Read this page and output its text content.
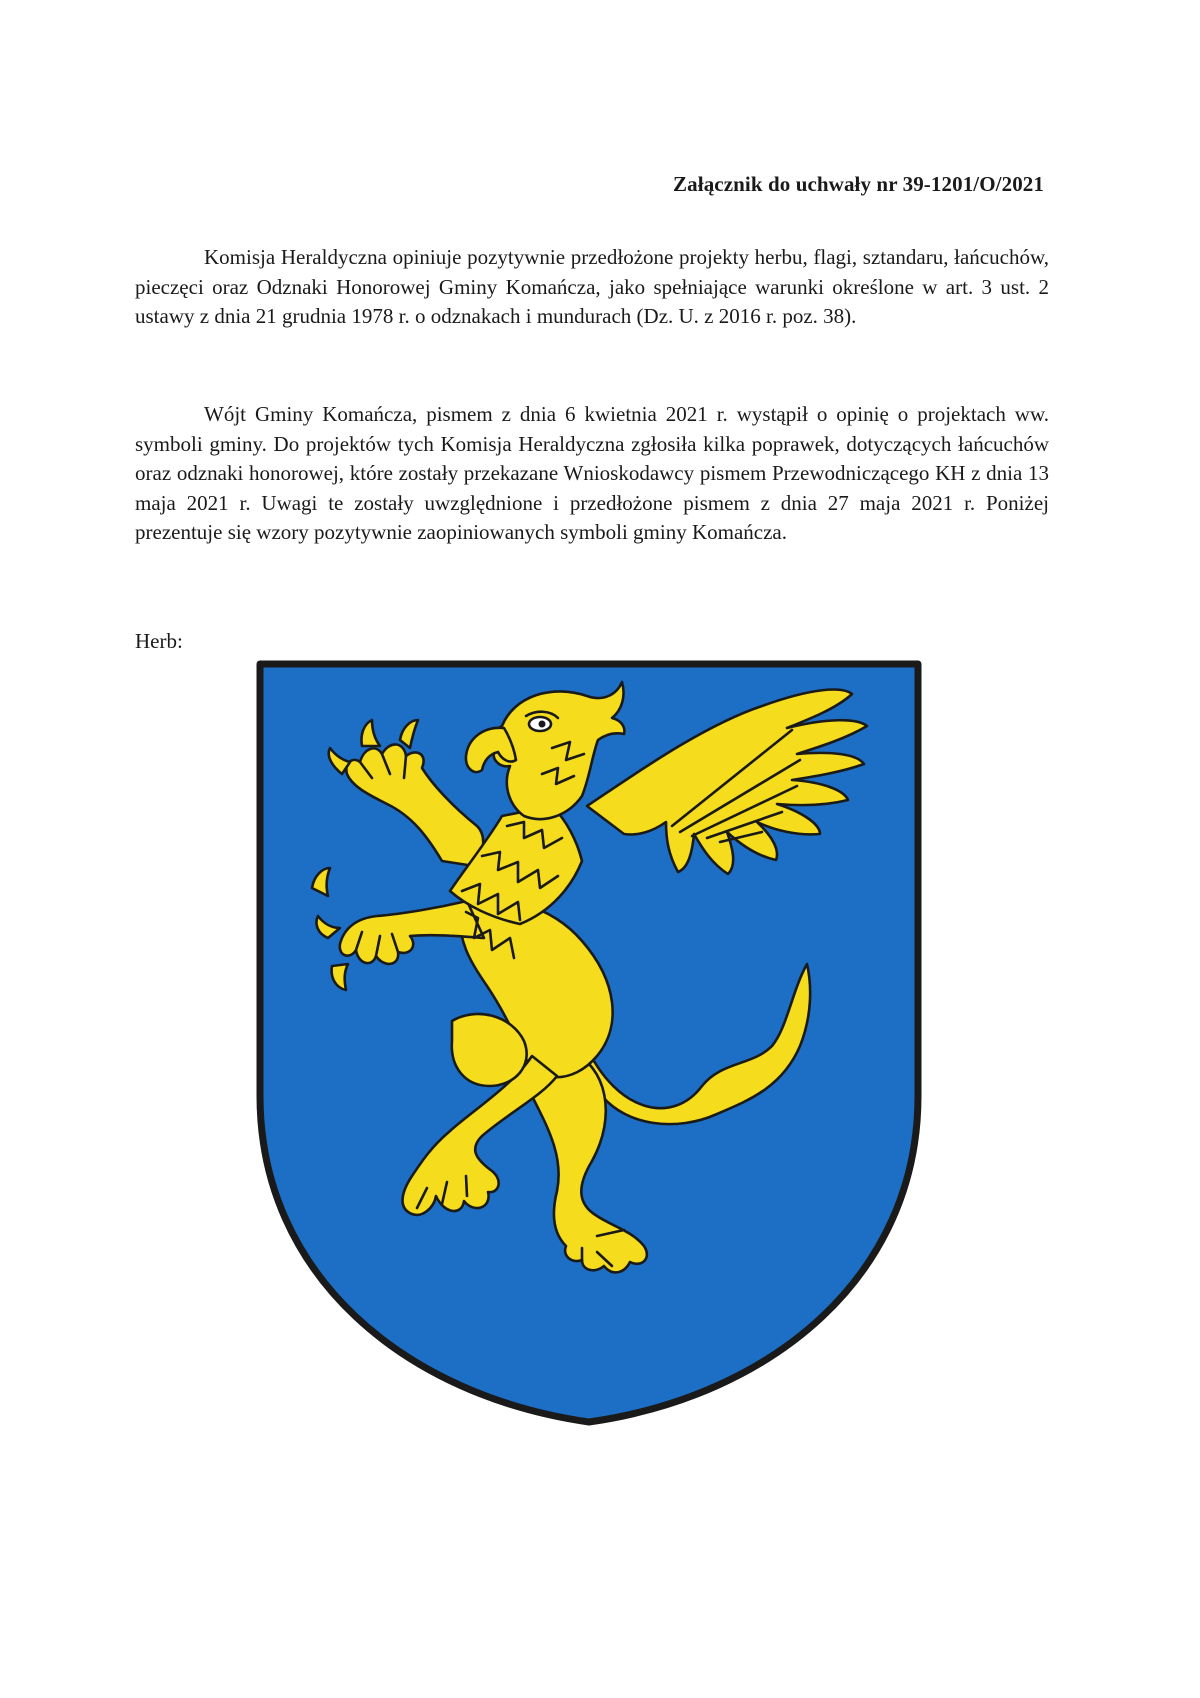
Załącznik do uchwały nr 39-1201/O/2021

Komisja Heraldyczna opiniuje pozytywnie przedłożone projekty herbu, flagi, sztandaru, łańcuchów, pieczęci oraz Odznaki Honorowej Gminy Komańcza, jako spełniające warunki określone w art. 3 ust. 2 ustawy z dnia 21 grudnia 1978 r. o odznakach i mundurach (Dz. U. z 2016 r. poz. 38).

Wójt Gminy Komańcza, pismem z dnia 6 kwietnia 2021 r. wystąpił o opinię o projektach ww. symboli gminy. Do projektów tych Komisja Heraldyczna zgłosiła kilka poprawek, dotyczących łańcuchów oraz odznaki honorowej, które zostały przekazane Wnioskodawcy pismem Przewodniczącego KH z dnia 13 maja 2021 r. Uwagi te zostały uwzględnione i przedłożone pismem z dnia 27 maja 2021 r. Poniżej prezentuje się wzory pozytywnie zaopiniowanych symboli gminy Komańcza.

Herb:
